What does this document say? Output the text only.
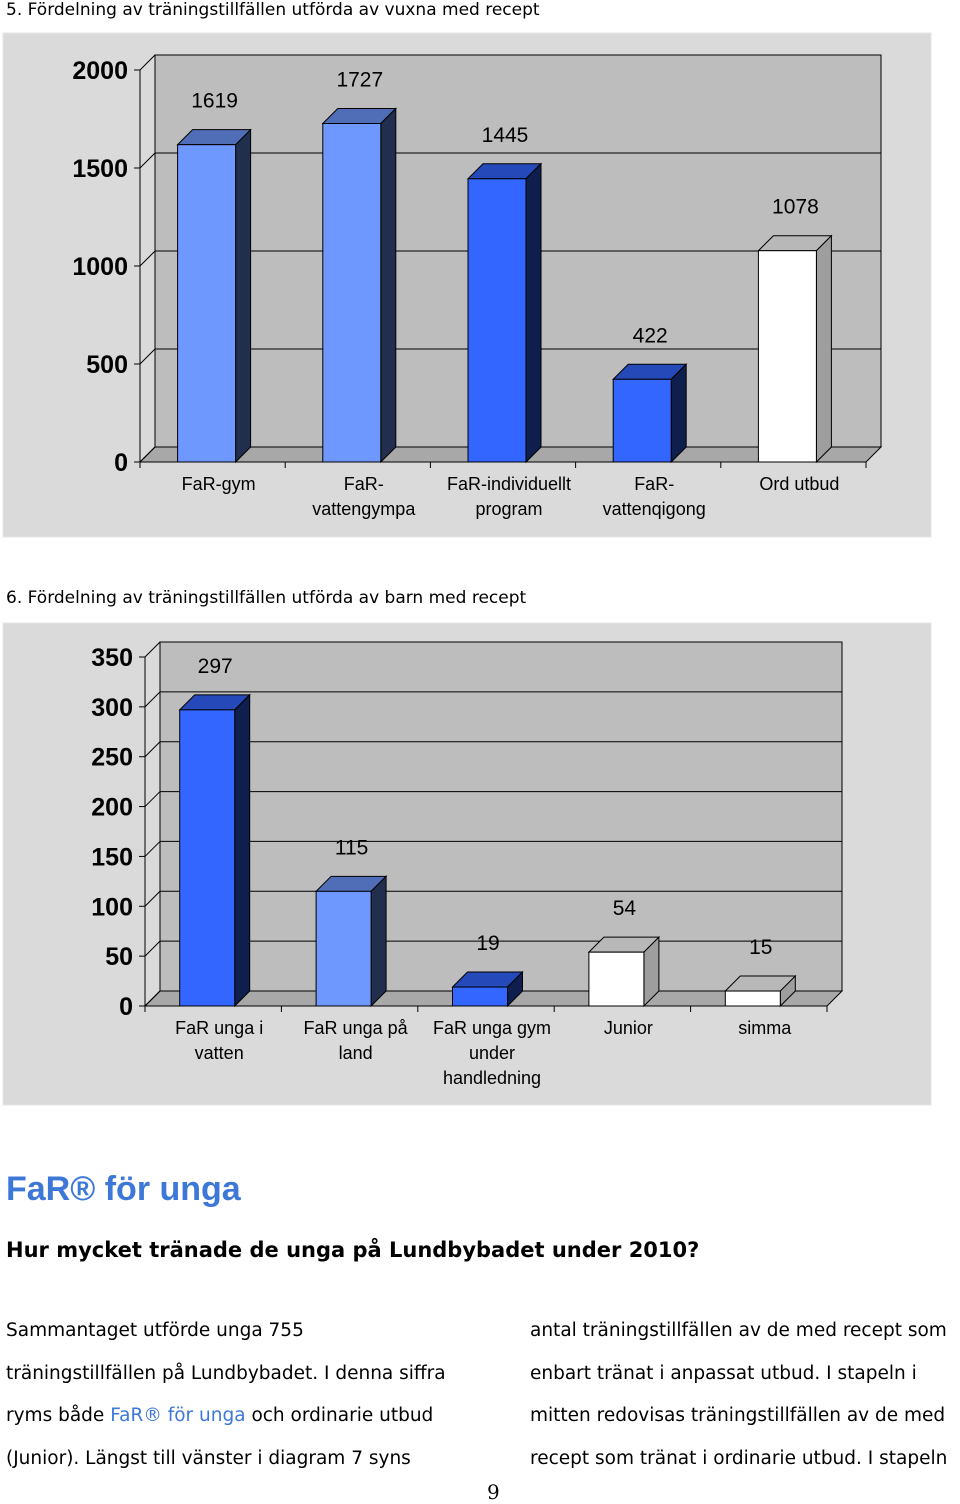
5. Fördelning av träningstillfällen utförda av vuxna med recept
0
500
1000
1500
2000
1619
FaR-gym
1727
FaR-
vattengympa
1445
FaR-individuellt
program
422
FaR-
vattenqigong
1078
Ord utbud
6. Fördelning av träningstillfällen utförda av barn med recept
0
50
100
150
200
250
300
350	297
FaR unga i
vatten
115
FaR unga på
land
19
FaR unga gym
under
handledning
54
Junior
15
simma
FaR® för unga
Hur mycket tränade de unga på Lundbybadet under 2010?
Sammantaget utförde unga 755
träningstillfällen på Lundbybadet. I denna siffra
ryms både FaR® för unga och ordinarie utbud
(Junior). Längst till vänster i diagram 7 syns
antal träningstillfällen av de med recept som
enbart tränat i anpassat utbud. I stapeln i
mitten redovisas träningstillfällen av de med
recept som tränat i ordinarie utbud. I stapeln
9
